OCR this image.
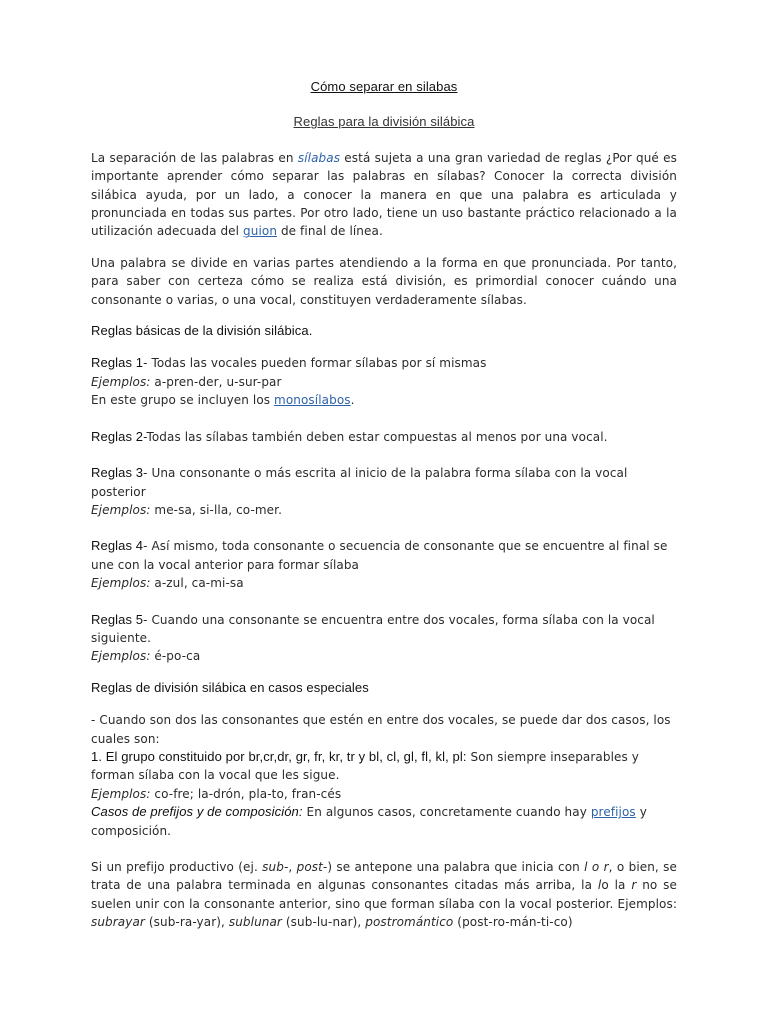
Cómo separar en silabas

Reglas para la división silábica

La separación de las palabras en sílabas está sujeta a una gran variedad de reglas ¿Por qué es importante aprender cómo separar las palabras en sílabas? Conocer la correcta división silábica ayuda, por un lado, a conocer la manera en que una palabra es articulada y pronunciada en todas sus partes. Por otro lado, tiene un uso bastante práctico relacionado a la utilización adecuada del guion de final de línea.

Una palabra se divide en varias partes atendiendo a la forma en que pronunciada. Por tanto, para saber con certeza cómo se realiza está división, es primordial conocer cuándo una consonante o varias, o una vocal, constituyen verdaderamente sílabas.

Reglas básicas de la división silábica.

Reglas 1- Todas las vocales pueden formar sílabas por sí mismas

Ejemplos: a-pren-der, u-sur-par

En este grupo se incluyen los monosílabos.

Reglas 2-Todas las sílabas también deben estar compuestas al menos por una vocal.

Reglas 3- Una consonante o más escrita al inicio de la palabra forma sílaba con la vocal posterior

Ejemplos: me-sa, si-lla, co-mer.

Reglas 4- Así mismo, toda consonante o secuencia de consonante que se encuentre al final se une con la vocal anterior para formar sílaba

Ejemplos: a-zul, ca-mi-sa

Reglas 5- Cuando una consonante se encuentra entre dos vocales, forma sílaba con la vocal siguiente.

Ejemplos: é-po-ca

Reglas de división silábica en casos especiales

- Cuando son dos las consonantes que estén en entre dos vocales, se puede dar dos casos, los cuales son:

1. El grupo constituido por br,cr,dr, gr, fr, kr, tr y bl, cl, gl, fl, kl, pl: Son siempre inseparables y forman sílaba con la vocal que les sigue.

Ejemplos: co-fre; la-drón, pla-to, fran-cés

Casos de prefijos y de composición: En algunos casos, concretamente cuando hay prefijos y composición.

Si un prefijo productivo (ej. sub-, post-) se antepone una palabra que inicia con l o r, o bien, se trata de una palabra terminada en algunas consonantes citadas más arriba, la lo la r no se suelen unir con la consonante anterior, sino que forman sílaba con la vocal posterior. Ejemplos: subrayar (sub-ra-yar), sublunar (sub-lu-nar), postromántico (post-ro-mán-ti-co)
